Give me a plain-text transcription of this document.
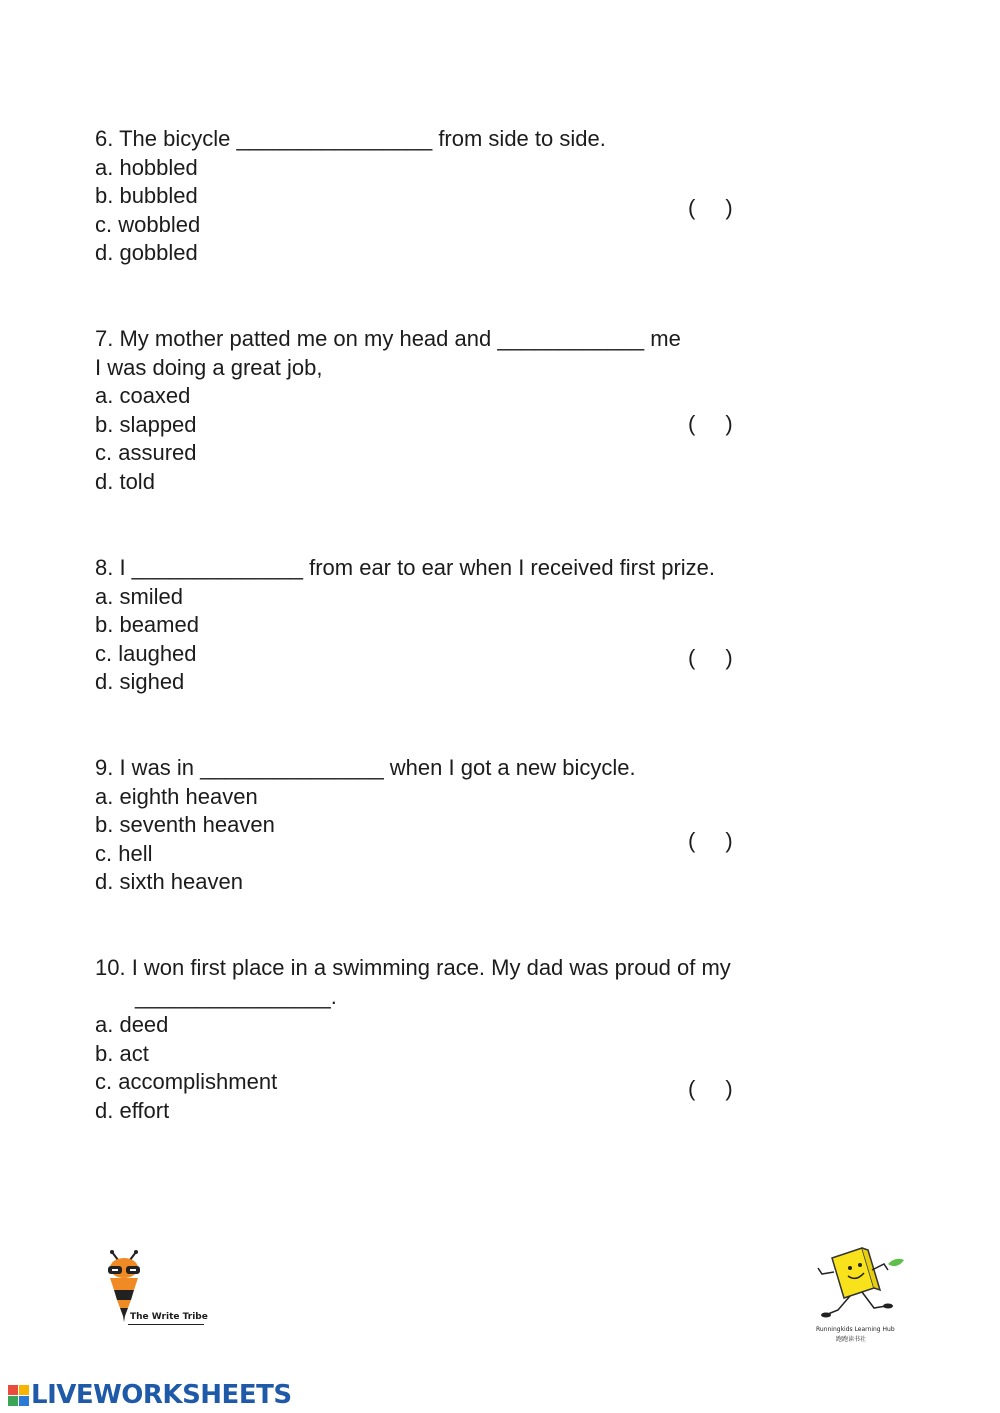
6. The bicycle ________________ from side to side.
a. hobbled
b. bubbled
c. wobbled
d. gobbled
( )
7. My mother patted me on my head and ____________ me
I was doing a great job,
a. coaxed
b. slapped
c. assured
d. told
( )
8. I ______________ from ear to ear when I received first prize.
a. smiled
b. beamed
c. laughed
d. sighed
( )
9. I was in _______________ when I got a new bicycle.
a. eighth heaven
b. seventh heaven
c. hell
d. sixth heaven
( )
10. I won first place in a swimming race. My dad was proud of my
________________.
a. deed
b. act
c. accomplishment
d. effort
( )
The Write Tribe
Runningkids Learning Hub
跑跑读书社
LIVEWORKSHEETS
